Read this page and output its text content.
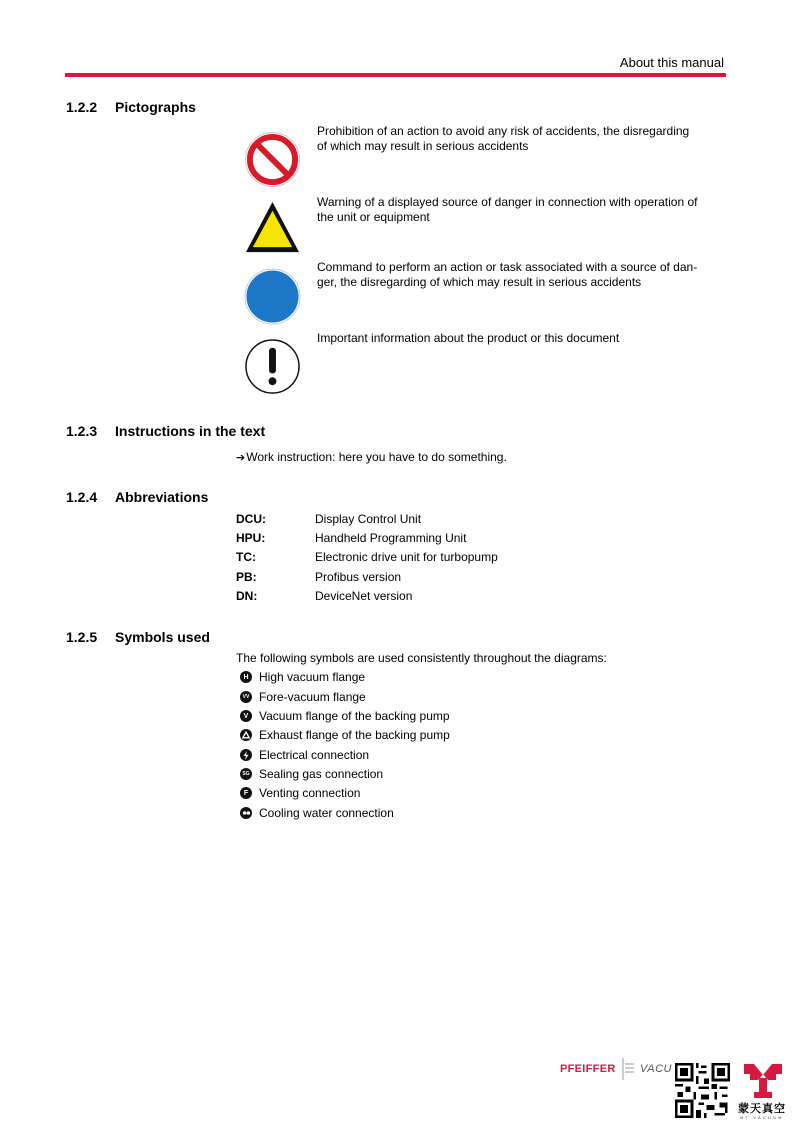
About this manual
1.2.2 Pictographs
Prohibition of an action to avoid any risk of accidents, the disregarding
of which may result in serious accidents
Warning of a displayed source of danger in connection with operation of
the unit or equipment
Command to perform an action or task associated with a source of dan-
ger, the disregarding of which may result in serious accidents
Important information about the product or this document
1.2.3 Instructions in the text
➔Work instruction: here you have to do something.
1.2.4 Abbreviations
DCU:	Display Control Unit
HPU:	Handheld Programming Unit
TC:	Electronic drive unit for turbopump
PB:	Profibus version
DN:	DeviceNet version
1.2.5 Symbols used
The following symbols are used consistently throughout the diagrams:
H High vacuum flange
VV Fore-vacuum flange
V Vacuum flange of the backing pump
Exhaust flange of the backing pump
Electrical connection
SG Sealing gas connection
F Venting connection
Cooling water connection
PFEIFFER VACU
蒙天真空
MT VACUUM
